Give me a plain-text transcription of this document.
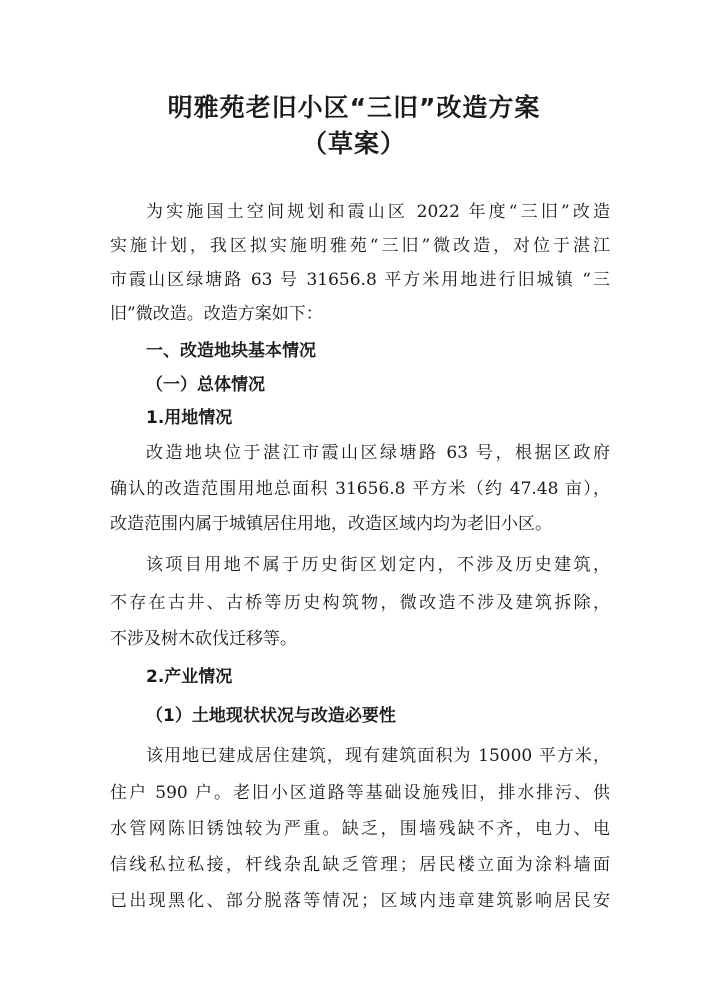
明雅苑老旧小区“三旧”改造方案
（草案）
为实施国土空间规划和霞山区 2022 年度“三旧”改造
实施计划，我区拟实施明雅苑“三旧”微改造，对位于湛江
市霞山区绿塘路 63 号 31656.8 平方米用地进行旧城镇 “三
旧”微改造。改造方案如下：
一、改造地块基本情况
（一）总体情况
1.用地情况
改造地块位于湛江市霞山区绿塘路 63 号，根据区政府
确认的改造范围用地总面积 31656.8 平方米（约 47.48 亩），
改造范围内属于城镇居住用地，改造区域内均为老旧小区。
该项目用地不属于历史街区划定内，不涉及历史建筑，
不存在古井、古桥等历史构筑物，微改造不涉及建筑拆除，
不涉及树木砍伐迁移等。
2.产业情况
（1）土地现状状况与改造必要性
该用地已建成居住建筑，现有建筑面积为 15000 平方米，
住户 590 户。老旧小区道路等基础设施残旧，排水排污、供
水管网陈旧锈蚀较为严重。缺乏，围墙残缺不齐，电力、电
信线私拉私接，杆线杂乱缺乏管理；居民楼立面为涂料墙面
已出现黑化、部分脱落等情况；区域内违章建筑影响居民安
